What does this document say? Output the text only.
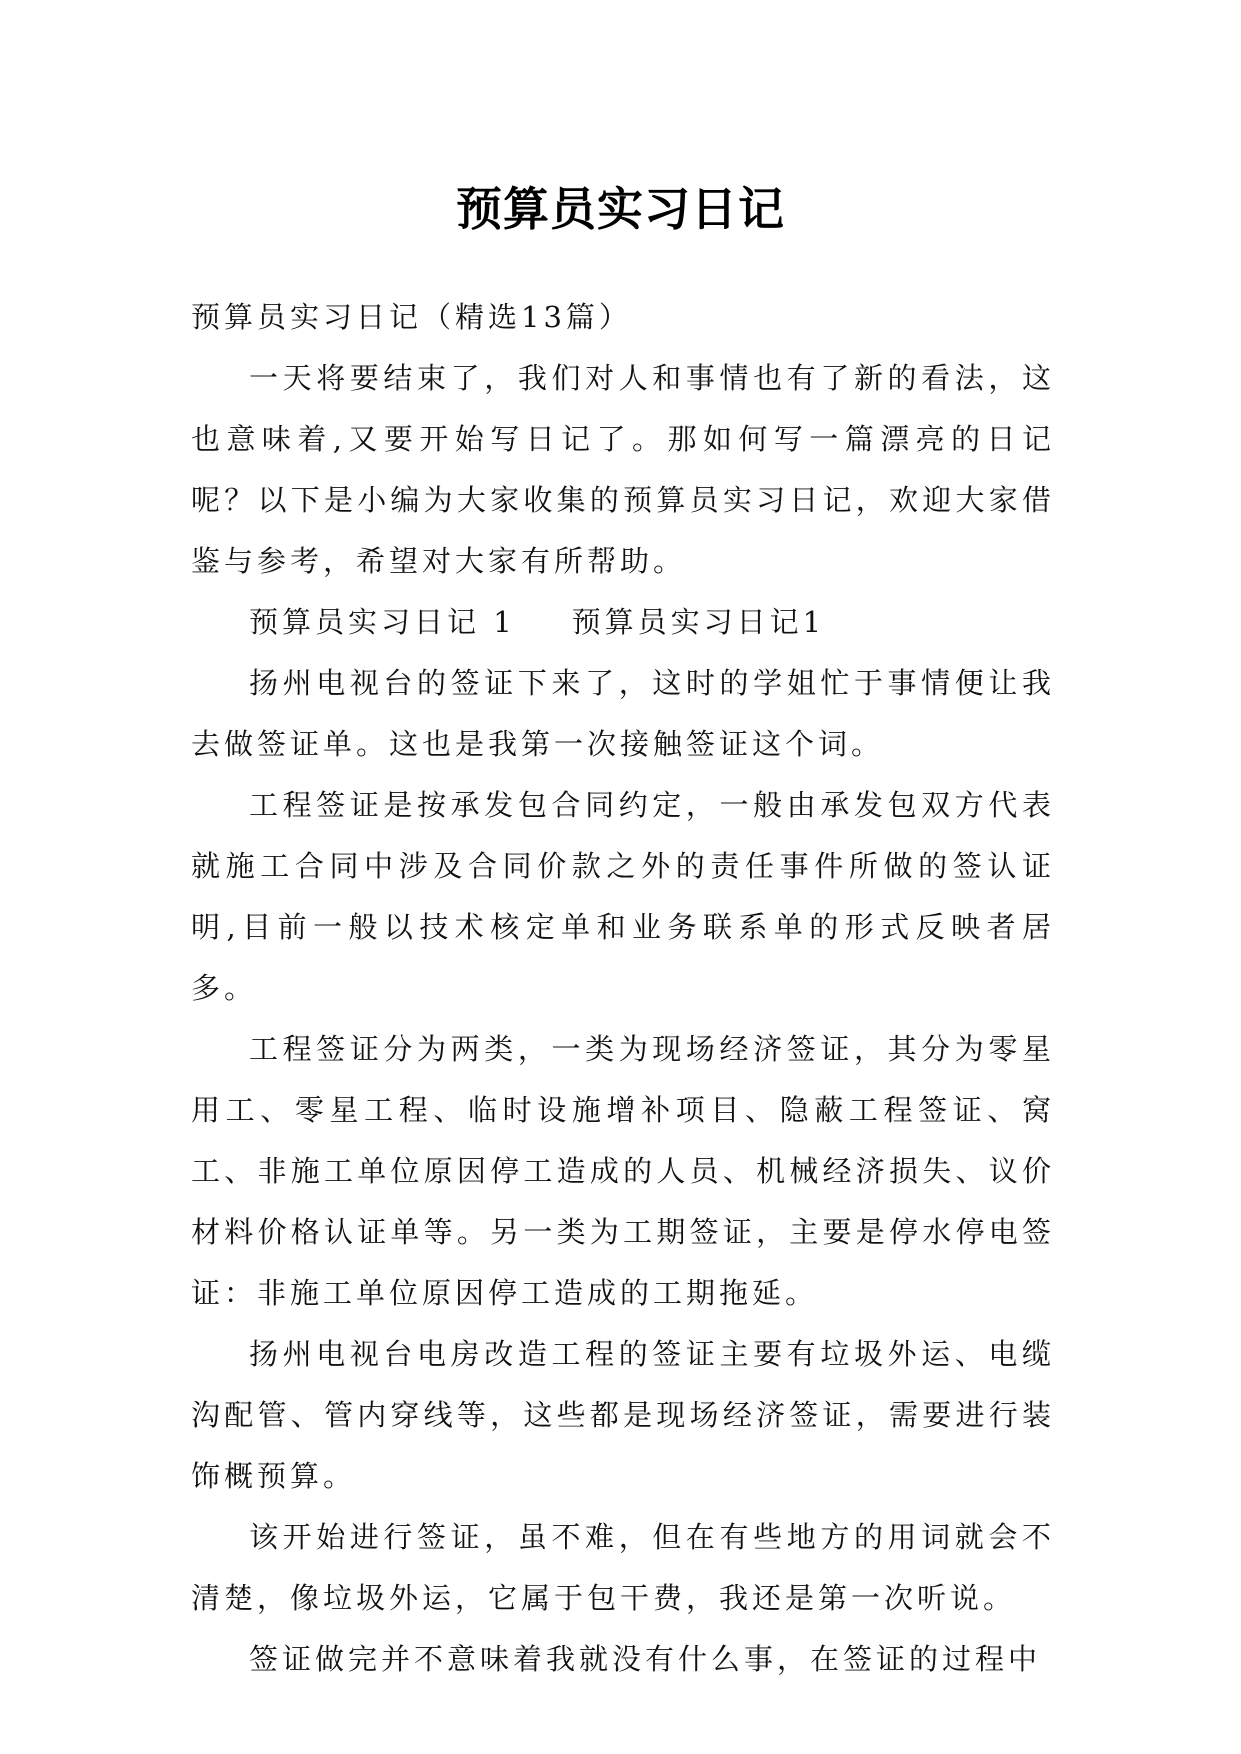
预算员实习日记

预算员实习日记（精选13篇）

一天将要结束了，我们对人和事情也有了新的看法，这也意味着,又要开始写日记了。那如何写一篇漂亮的日记呢？以下是小编为大家收集的预算员实习日记，欢迎大家借鉴与参考，希望对大家有所帮助。

预算员实习日记 1 预算员实习日记1

扬州电视台的签证下来了，这时的学姐忙于事情便让我去做签证单。这也是我第一次接触签证这个词。

工程签证是按承发包合同约定，一般由承发包双方代表就施工合同中涉及合同价款之外的责任事件所做的签认证明,目前一般以技术核定单和业务联系单的形式反映者居多。

工程签证分为两类，一类为现场经济签证，其分为零星用工、零星工程、临时设施增补项目、隐蔽工程签证、窝工、非施工单位原因停工造成的人员、机械经济损失、议价材料价格认证单等。另一类为工期签证，主要是停水停电签证：非施工单位原因停工造成的工期拖延。

扬州电视台电房改造工程的签证主要有垃圾外运、电缆沟配管、管内穿线等，这些都是现场经济签证，需要进行装饰概预算。

该开始进行签证，虽不难，但在有些地方的用词就会不清楚，像垃圾外运，它属于包干费，我还是第一次听说。

签证做完并不意味着我就没有什么事，在签证的过程中
